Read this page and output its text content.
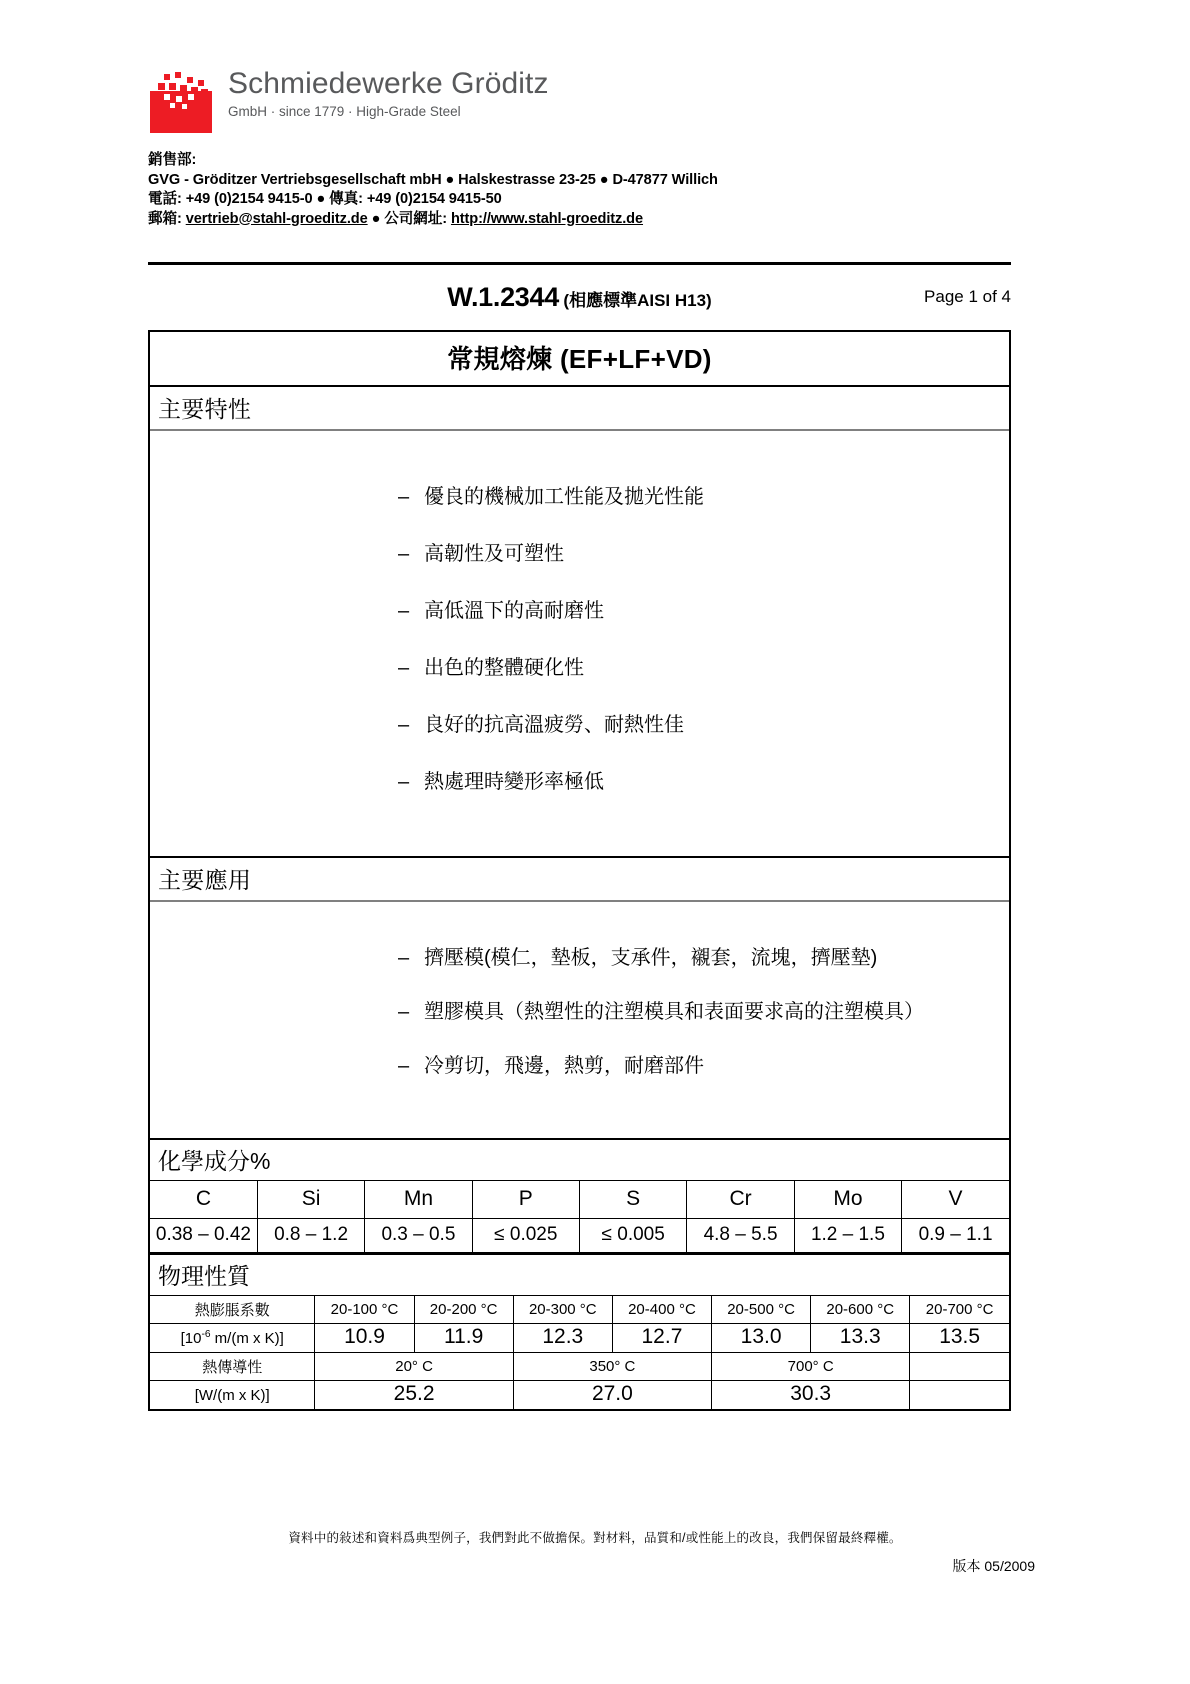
Schmiedewerke Gröditz
GmbH · since 1779 · High-Grade Steel
銷售部:
GVG - Gröditzer Vertriebsgesellschaft mbH ● Halskestrasse 23-25 ● D-47877 Willich
電話: +49 (0)2154 9415-0 ● 傳真: +49 (0)2154 9415-50
郵箱: vertrieb@stahl-groeditz.de ● 公司網址: http://www.stahl-groeditz.de
W.1.2344 (相應標準AISI H13)	Page 1 of 4
常規熔煉 (EF+LF+VD)
主要特性
– 優良的機械加工性能及拋光性能
– 高韌性及可塑性
– 高低溫下的高耐磨性
– 出色的整體硬化性
– 良好的抗高溫疲勞、耐熱性佳
– 熱處理時變形率極低
主要應用
– 擠壓模(模仁，墊板，支承件，襯套，流塊，擠壓墊)
– 塑膠模具（熱塑性的注塑模具和表面要求高的注塑模具）
– 冷剪切，飛邊，熱剪，耐磨部件
化學成分%
C	Si	Mn	P	S	Cr	Mo	V
0.38 – 0.42	0.8 – 1.2	0.3 – 0.5	≤ 0.025	≤ 0.005	4.8 – 5.5	1.2 – 1.5	0.9 – 1.1
物理性質
熱膨脹系數	20-100 °C	20-200 °C	20-300 °C	20-400 °C	20-500 °C	20-600 °C	20-700 °C
[$10^{-6}$ m/(m x K)]	10.9	11.9	12.3	12.7	13.0	13.3	13.5
熱傳導性	20° C		350° C		700° C		
[W/(m x K)]	25.2		27.0		30.3		
資料中的敍述和資料爲典型例子，我們對此不做擔保。對材料，品質和/或性能上的改良，我們保留最終釋權。
版本 05/2009
